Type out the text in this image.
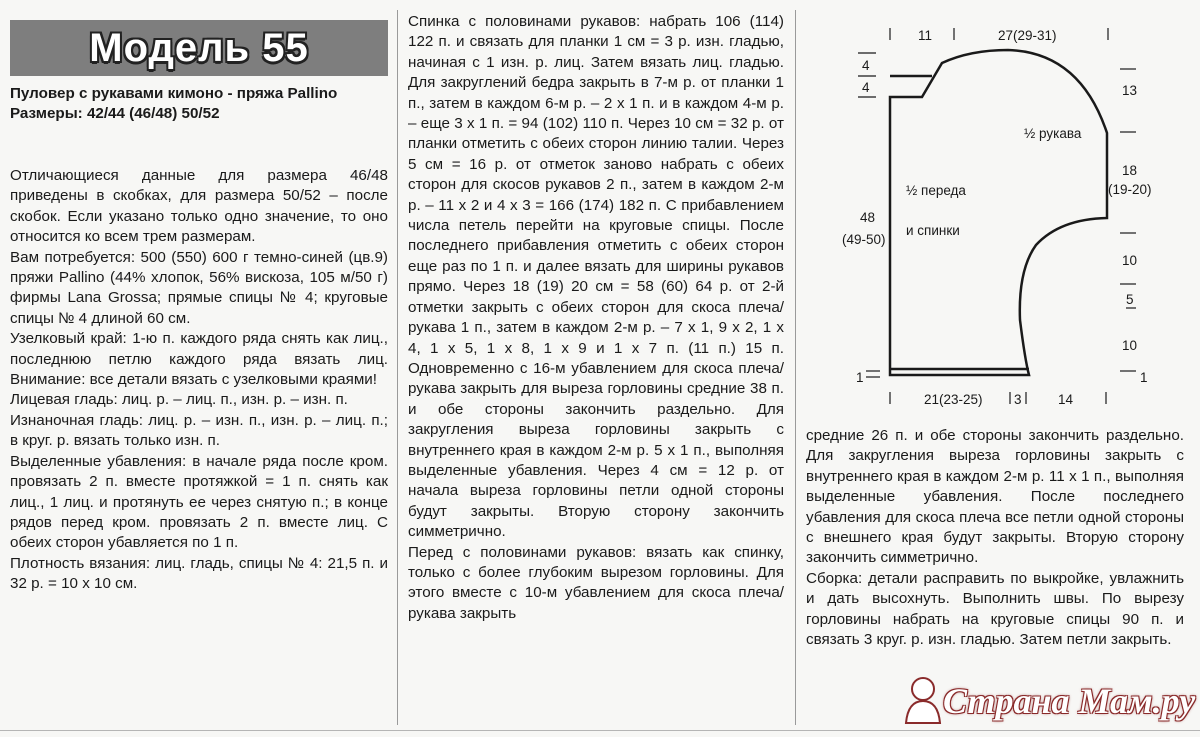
Модель 55
Пуловер с рукавами кимоно - пряжа Pallino
Размеры: 42/44 (46/48) 50/52

Отличающиеся данные для размера 46/48 приведены в скобках, для размера 50/52 – после скобок. Если указано только одно значение, то оно относится ко всем трем размерам.

Вам потребуется: 500 (550) 600 г темно-синей (цв.9) пряжи Pallino (44% хлопок, 56% вискоза, 105 м/50 г) фирмы Lana Grossa; прямые спицы № 4; круговые спицы № 4 длиной 60 см.

Узелковый край: 1-ю п. каждого ряда снять как лиц., последнюю петлю каждого ряда вязать лиц. Внимание: все детали вязать с узелковыми краями!

Лицевая гладь: лиц. р. – лиц. п., изн. р. – изн. п.

Изнаночная гладь: лиц. р. – изн. п., изн. р. – лиц. п.; в круг. р. вязать только изн. п.

Выделенные убавления: в начале ряда после кром. провязать 2 п. вместе протяжкой = 1 п. снять как лиц., 1 лиц. и протянуть ее через снятую п.; в конце рядов перед кром. провязать 2 п. вместе лиц. С обеих сторон убавляется по 1 п.

Плотность вязания: лиц. гладь, спицы № 4: 21,5 п. и 32 р. = 10 x 10 см.

Спинка с половинами рукавов: набрать 106 (114) 122 п. и связать для планки 1 см = 3 р. изн. гладью, начиная с 1 изн. р. лиц. Затем вязать лиц. гладью. Для закруглений бедра закрыть в 7-м р. от планки 1 п., затем в каждом 6-м р. – 2 x 1 п. и в каждом 4-м р. – еще 3 x 1 п. = 94 (102) 110 п. Через 10 см = 32 р. от планки отметить с обеих сторон линию талии. Через 5 см = 16 р. от отметок заново набрать с обеих сторон для скосов рукавов 2 п., затем в каждом 2-м р. – 11 x 2 и 4 x 3 = 166 (174) 182 п. С прибавлением числа петель перейти на круговые спицы. После последнего прибавления отметить с обеих сторон еще раз по 1 п. и далее вязать для ширины рукавов прямо. Через 18 (19) 20 см = 58 (60) 64 р. от 2-й отметки закрыть с обеих сторон для скоса плеча/рукава 1 п., затем в каждом 2-м р. – 7 x 1, 9 x 2, 1 x 4, 1 x 5, 1 x 8, 1 x 9 и 1 x 7 п. (11 п.) 15 п. Одновременно с 16-м убавлением для скоса плеча/рукава закрыть для выреза горловины средние 38 п. и обе стороны закончить раздельно. Для закругления выреза горловины закрыть с внутреннего края в каждом 2-м р. 5 x 1 п., выполняя выделенные убавления. Через 4 см = 12 р. от начала выреза горловины петли одной стороны будут закрыты. Вторую сторону закончить симметрично.

Перед с половинами рукавов: вязать как спинку, только с более глубоким вырезом горловины. Для этого вместе с 10-м убавлением для скоса плеча/рукава закрыть

11	27(29-31)
4
4
48
(49-50)
1
13
18
(19-20)
10
5
10
1
21(23-25) 3	14
½ рукава
½ переда
и спинки

средние 26 п. и обе стороны закончить раздельно. Для закругления выреза горловины закрыть с внутреннего края в каждом 2-м р. 11 x 1 п., выполняя выделенные убавления. После последнего убавления для скоса плеча все петли одной стороны с внешнего края будут закрыты. Вторую сторону закончить симметрично.

Сборка: детали расправить по выкройке, увлажнить и дать высохнуть. Выполнить швы. По вырезу горловины набрать на круговые спицы 90 п. и связать 3 круг. р. изн. гладью. Затем петли закрыть.

Страна Мам.ру
